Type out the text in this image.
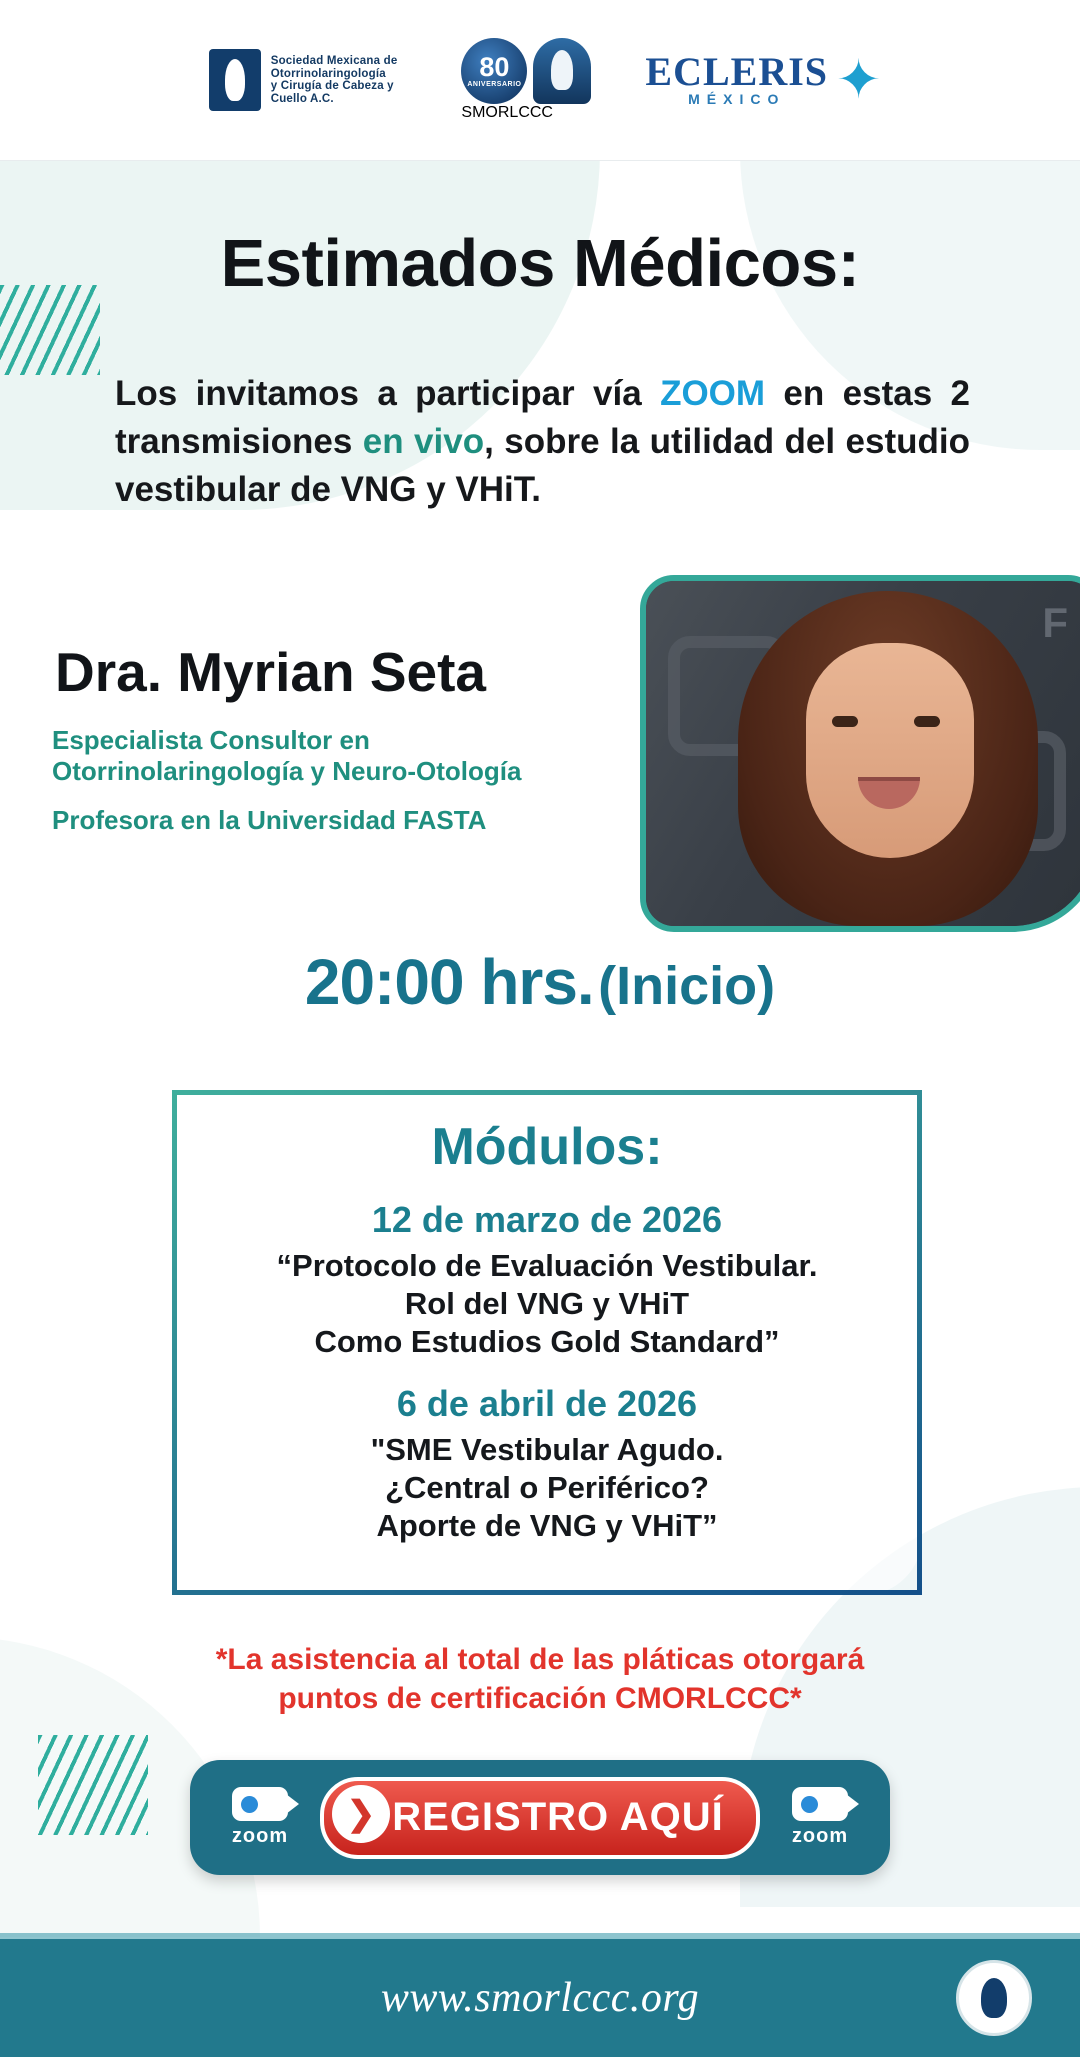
Sociedad Mexicana de
Otorrinolaringología
y Cirugía de Cabeza y
Cuello A.C.
80
ANIVERSARIO
SMORLCCC
ECLERIS
MÉXICO ✦
Estimados Médicos:
Los invitamos a participar vía ZOOM en estas 2 transmisiones en vivo, sobre la utilidad del estudio vestibular de VNG y VHiT.
Dra. Myrian Seta
Especialista Consultor en
Otorrinolaringología y Neuro-Otología
Profesora en la Universidad FASTA
F
20:00 hrs. (Inicio)
Módulos:
12 de marzo de 2026
“Protocolo de Evaluación Vestibular.
Rol del VNG y VHiT
Como Estudios Gold Standard”
6 de abril de 2026
"SME Vestibular Agudo.
¿Central o Periférico?
Aporte de VNG y VHiT”
*La asistencia al total de las pláticas otorgará
puntos de certificación CMORLCCC*
zoom
❯ REGISTRO AQUÍ	zoom
www.smorlccc.org
